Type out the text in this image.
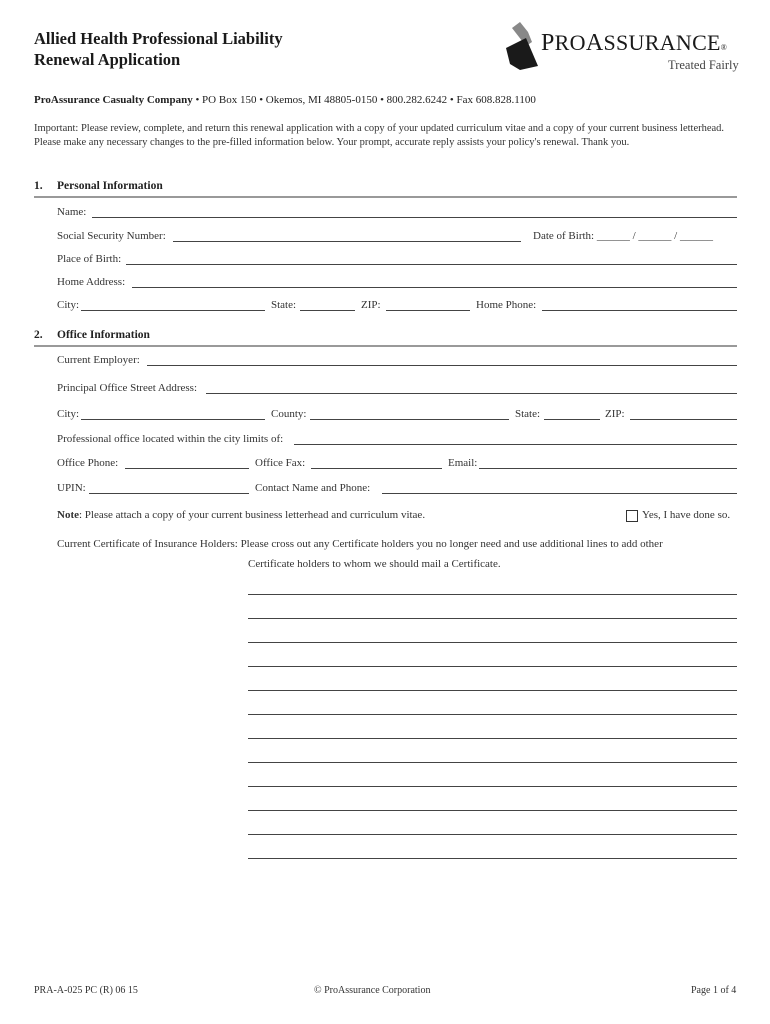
Allied Health Professional Liability
Renewal Application
PROASSURANCE®
Treated Fairly
ProAssurance Casualty Company • PO Box 150 • Okemos, MI 48805-0150 • 800.282.6242 • Fax 608.828.1100
Important: Please review, complete, and return this renewal application with a copy of your updated curriculum vitae and a copy of your current business letterhead. Please make any necessary changes to the pre-filled information below. Your prompt, accurate reply assists your policy's renewal. Thank you.
1. Personal Information
Name:
Social Security Number:	Date of Birth: ______ / ______ / ______
Place of Birth:
Home Address:
City:	State:	ZIP:	Home Phone:
2. Office Information
Current Employer:
Principal Office Street Address:
City:	County:	State:	ZIP:
Professional office located within the city limits of:
Office Phone:	Office Fax:	Email:
UPIN:	Contact Name and Phone:
Note: Please attach a copy of your current business letterhead and curriculum vitae.	Yes, I have done so.
Current Certificate of Insurance Holders: Please cross out any Certificate holders you no longer need and use additional lines to add other
Certificate holders to whom we should mail a Certificate.
PRA-A-025 PC (R) 06 15	© ProAssurance Corporation	Page 1 of 4
